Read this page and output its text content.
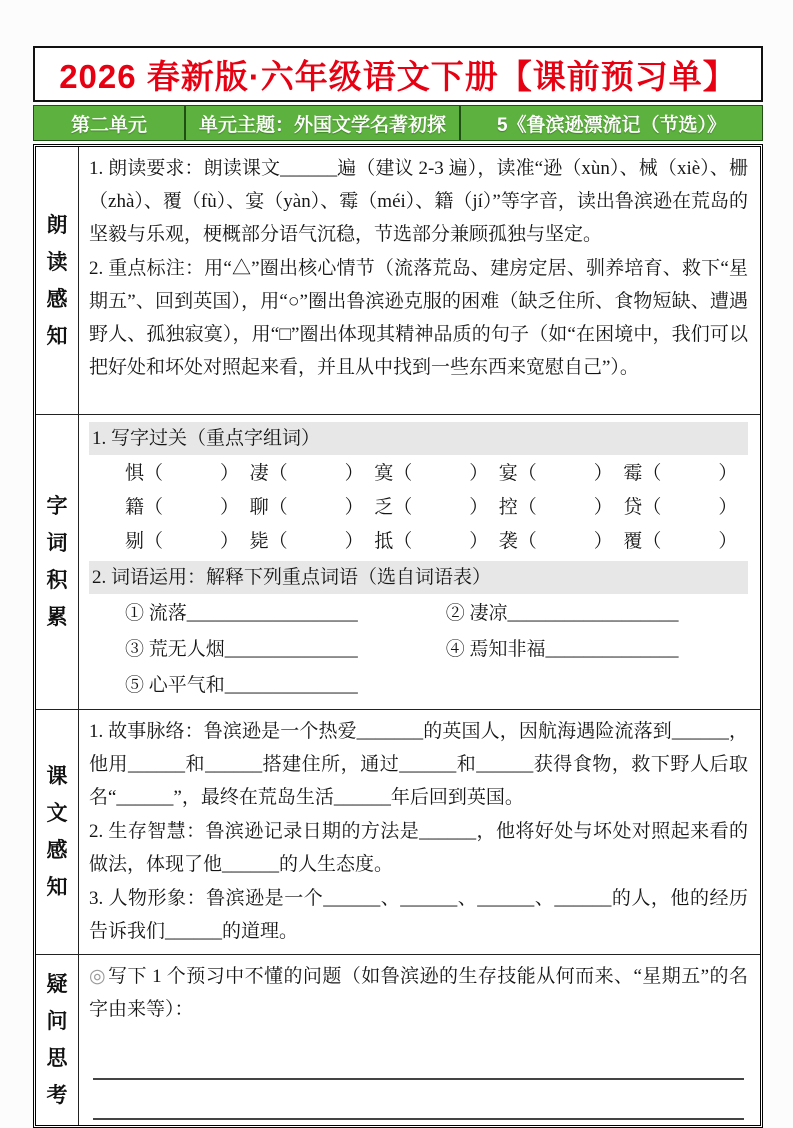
2026 春新版·六年级语文下册【课前预习单】
第二单元	单元主题：外国文学名著初探	5《鲁滨逊漂流记（节选）》
朗读感知

1. 朗读要求：朗读课文______遍（建议 2-3 遍），读准“逊（xùn）、械（xiè）、栅（zhà）、覆（fù）、宴（yàn）、霉（méi）、籍（jí）”等字音，读出鲁滨逊在荒岛的坚毅与乐观，梗概部分语气沉稳，节选部分兼顾孤独与坚定。

2. 重点标注：用“△”圈出核心情节（流落荒岛、建房定居、驯养培育、救下“星期五”、回到英国），用“○”圈出鲁滨逊克服的困难（缺乏住所、食物短缺、遭遇野人、孤独寂寞），用“□”圈出体现其精神品质的句子（如“在困境中，我们可以把好处和坏处对照起来看，并且从中找到一些东西来宽慰自己”）。

字词积累
1. 写字过关（重点字组词）
惧（　　　） 凄（　　　） 寞（　　　） 宴（　　　） 霉（　　　）
籍（　　　） 聊（　　　） 乏（　　　） 控（　　　） 贷（　　　）
剔（　　　） 毙（　　　） 抵（　　　） 袭（　　　） 覆（　　　）
2. 词语运用：解释下列重点词语（选自词语表）
① 流落__________________	② 凄凉__________________
③ 荒无人烟______________	④ 焉知非福______________
⑤ 心平气和______________
课文感知

1. 故事脉络：鲁滨逊是一个热爱_______的英国人，因航海遇险流落到______，他用______和______搭建住所，通过______和______获得食物，救下野人后取名“______”，最终在荒岛生活______年后回到英国。

2. 生存智慧：鲁滨逊记录日期的方法是______，他将好处与坏处对照起来看的做法，体现了他______的人生态度。

3. 人物形象：鲁滨逊是一个______、______、______、______的人，他的经历告诉我们______的道理。

疑问思考
◎ 写下 1 个预习中不懂的问题（如鲁滨逊的生存技能从何而来、“星期五”的名字由来等）：
